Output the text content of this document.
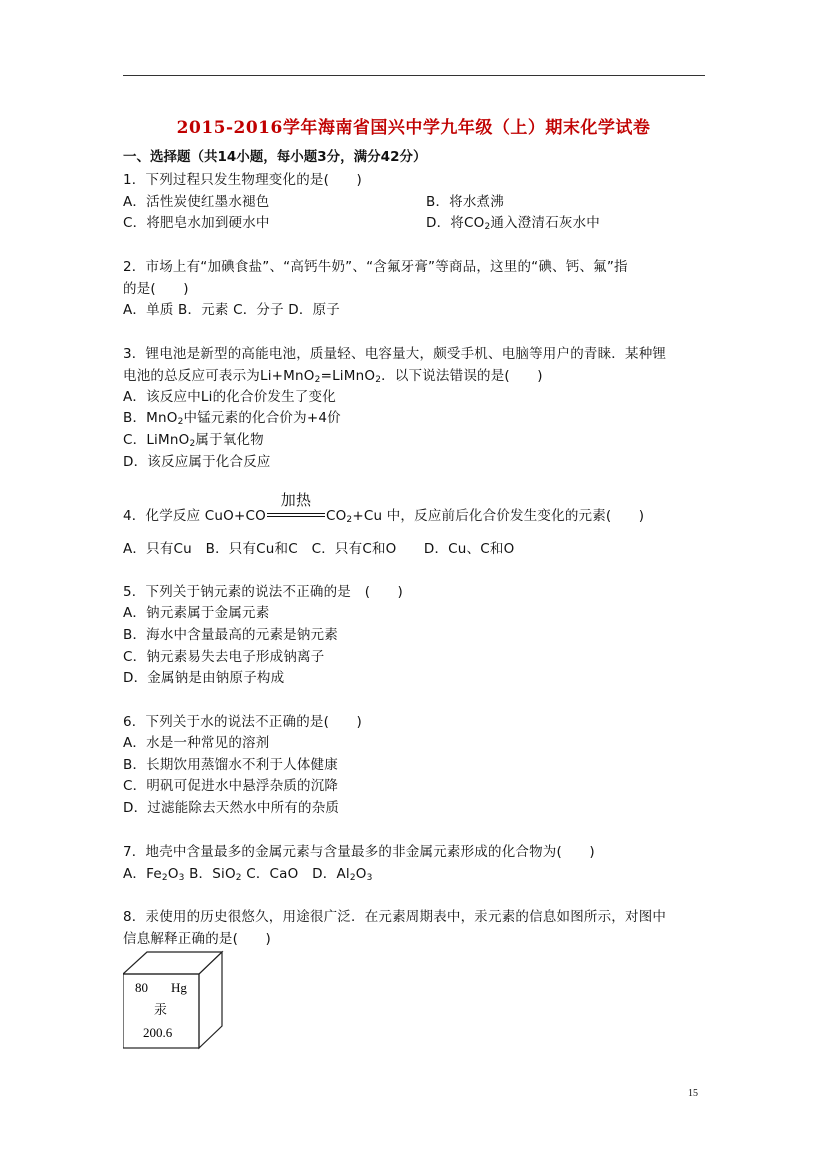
2015-2016学年海南省国兴中学九年级（上）期末化学试卷
一、选择题（共14小题，每小题3分，满分42分）
1．下列过程只发生物理变化的是(　　)
A．活性炭使红墨水褪色	B．将水煮沸
C．将肥皂水加到硬水中	D．将$CO_2$通入澄清石灰水中
2．市场上有“加碘食盐”、“高钙牛奶”、“含氟牙膏”等商品，这里的“碘、钙、氟”指
的是(　　)
A．单质 B．元素 C．分子 D．原子
3．锂电池是新型的高能电池，质量轻、电容量大，颇受手机、电脑等用户的青睐．某种锂
电池的总反应可表示为Li+MnO$_2$=LiMnO$_2$．以下说法错误的是(　　)
A．该反应中Li的化合价发生了变化
B．MnO$_2$中锰元素的化合价为+4价
C．LiMnO$_2$属于氧化物
D．该反应属于化合反应
4．化学反应 CuO+CO
加热
$CO_2+Cu$ 中，反应前后化合价发生变化的元素(　　)
A．只有Cu　B．只有Cu和C　C．只有C和O　　D．Cu、C和O
5．下列关于钠元素的说法不正确的是　(　　)
A．钠元素属于金属元素
B．海水中含量最高的元素是钠元素
C．钠元素易失去电子形成钠离子
D．金属钠是由钠原子构成
6．下列关于水的说法不正确的是(　　)
A．水是一种常见的溶剂
B．长期饮用蒸馏水不利于人体健康
C．明矾可促进水中悬浮杂质的沉降
D．过滤能除去天然水中所有的杂质
7．地壳中含量最多的金属元素与含量最多的非金属元素形成的化合物为(　　)
A．$Fe_2O_3$ B．SiO$_2$ C．CaO　D．$Al_2O_3$
8．汞使用的历史很悠久，用途很广泛．在元素周期表中，汞元素的信息如图所示，对图中
信息解释正确的是(　　)
80 Hg
汞
200.6
15
